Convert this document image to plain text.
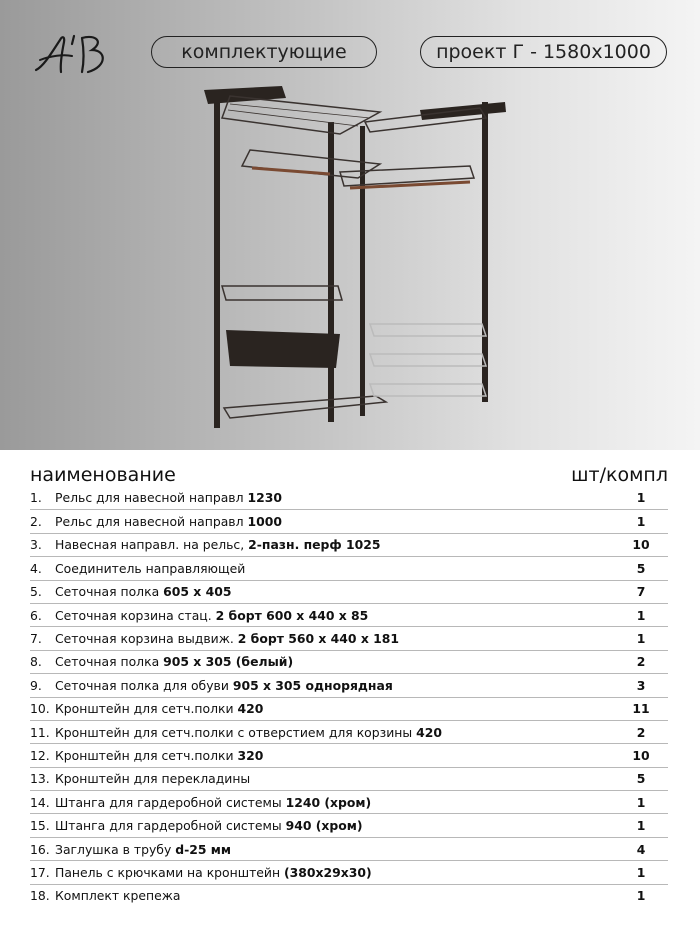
комплектующие	проект Г - 1580х1000
наименование	шт/компл
1.	Рельс для навесной направл 1230	1
2.	Рельс для навесной направл 1000	1
3.	Навесная направл. на рельс, 2-пазн. перф 1025	10
4.	Соединитель направляющей	5
5.	Сеточная полка 605 х 405	7
6.	Сеточная корзина стац. 2 борт 600 х 440 х 85	1
7.	Сеточная корзина выдвиж. 2 борт 560 х 440 х 181	1
8.	Сеточная полка 905 х 305 (белый)	2
9.	Сеточная полка для обуви 905 х 305 однорядная	3
10. Кронштейн для сетч.полки 420	11
11. Кронштейн для сетч.полки с отверстием для корзины 420	2
12. Кронштейн для сетч.полки 320	10
13. Кронштейн для перекладины	5
14. Штанга для гардеробной системы 1240 (хром)	1
15. Штанга для гардеробной системы 940 (хром)	1
16. Заглушка в трубу d-25 мм	4
17. Панель с крючками на кронштейн (380х29х30)	1
18. Комплект крепежа	1
